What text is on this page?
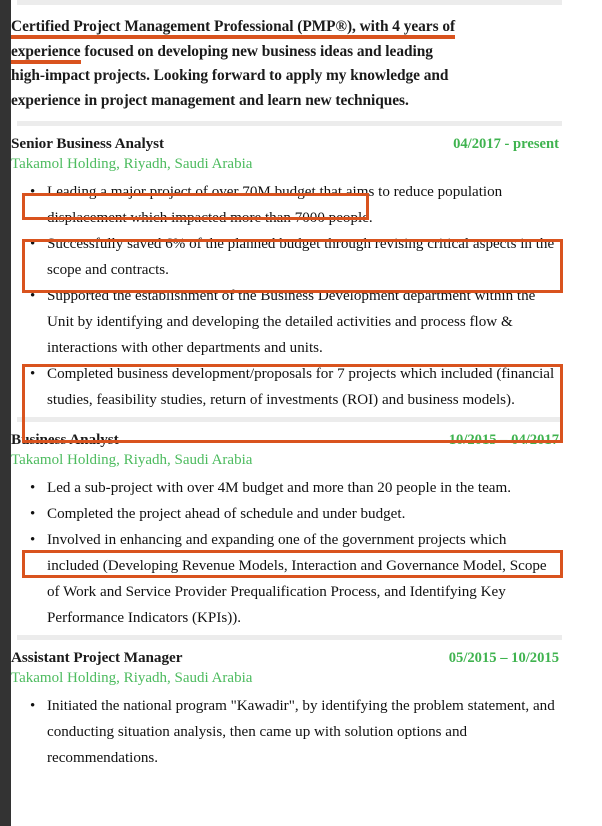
Certified Project Management Professional (PMP®), with 4 years of
experience focused on developing new business ideas and leading
high-impact projects. Looking forward to apply my knowledge and
experience in project management and learn new techniques.
Senior Business Analyst	04/2017 - present
Takamol Holding, Riyadh, Saudi Arabia
• Leading a major project of over 70M budget that aims to reduce population displacement which impacted more than 7000 people.
• Successfully saved 6% of the planned budget through revising critical aspects in the scope and contracts.
• Supported the establishment of the Business Development department within the Unit by identifying and developing the detailed activities and process flow & interactions with other departments and units.
• Completed business development/proposals for 7 projects which included (financial studies, feasibility studies, return of investments (ROI) and business models).
Business Analyst	10/2015 – 04/2017
Takamol Holding, Riyadh, Saudi Arabia
• Led a sub-project with over 4M budget and more than 20 people in the team.
• Completed the project ahead of schedule and under budget.
• Involved in enhancing and expanding one of the government projects which included (Developing Revenue Models, Interaction and Governance Model, Scope of Work and Service Provider Prequalification Process, and Identifying Key Performance Indicators (KPIs)).
Assistant Project Manager	05/2015 – 10/2015
Takamol Holding, Riyadh, Saudi Arabia
• Initiated the national program "Kawadir", by identifying the problem statement, and conducting situation analysis, then came up with solution options and recommendations.
